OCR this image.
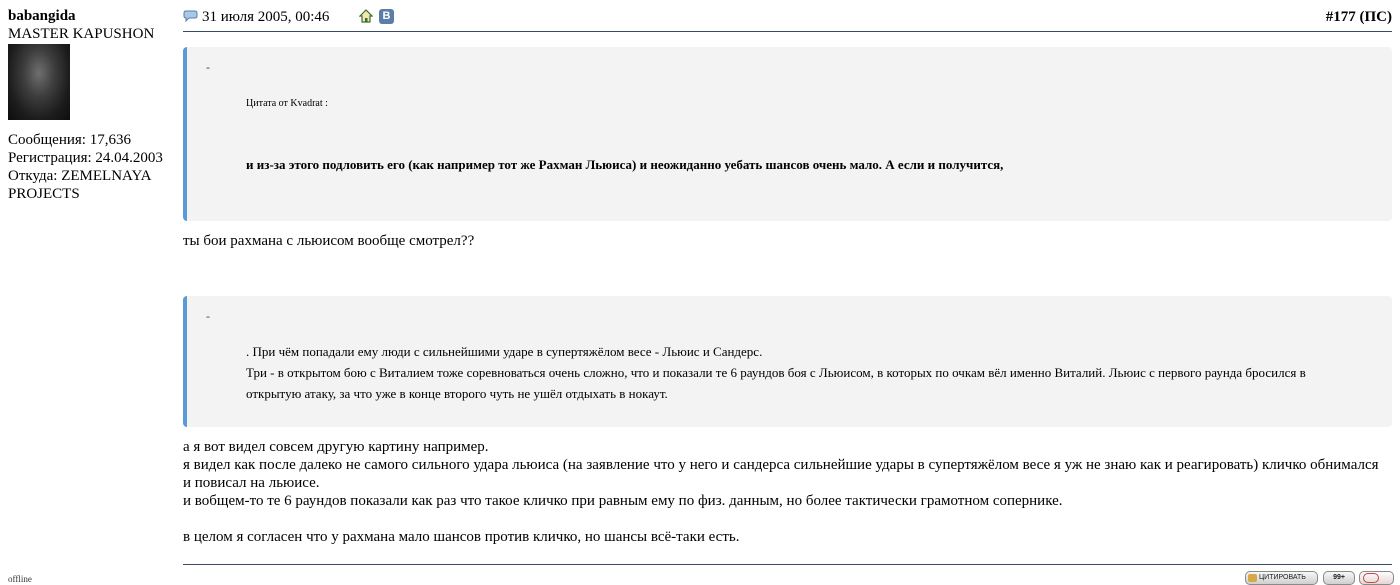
babangida
MASTER KAPUSHON
Сообщения: 17,636
Регистрация: 24.04.2003
Откуда: ZEMELNAYA
PROJECTS
offline
31 июля 2005, 00:46	В	#177 (ПС)
-
Цитата от Kvadrat :
и из-за этого подловить его (как например тот же Рахман Льюиса) и неожиданно уебать шансов очень мало. А если и получится,
ты бои рахмана с льюисом вообще смотрел??
-
. При чём попадали ему люди с сильнейшими ударе в супертяжёлом весе - Льюис и Сандерс.
Три - в открытом бою с Виталием тоже соревноваться очень сложно, что и показали те 6 раундов боя с Льюисом, в которых по очкам вёл именно Виталий. Льюис с первого раунда бросился в открытую атаку, за что уже в конце второго чуть не ушёл отдыхать в нокаут.

а я вот видел совсем другую картину например.

я видел как после далеко не самого сильного удара льюиса (на заявление что у него и сандерса сильнейшие удары в супертяжёлом весе я уж не знаю как и реагировать) кличко обнимался и повисал на льюисе.

и вобщем-то те 6 раундов показали как раз что такое кличко при равным ему по физ. данным, но более тактически грамотном сопернике.

в целом я согласен что у рахмана мало шансов против кличко, но шансы всё-таки есть.

ЦИТИРОВАТЬ	99+
